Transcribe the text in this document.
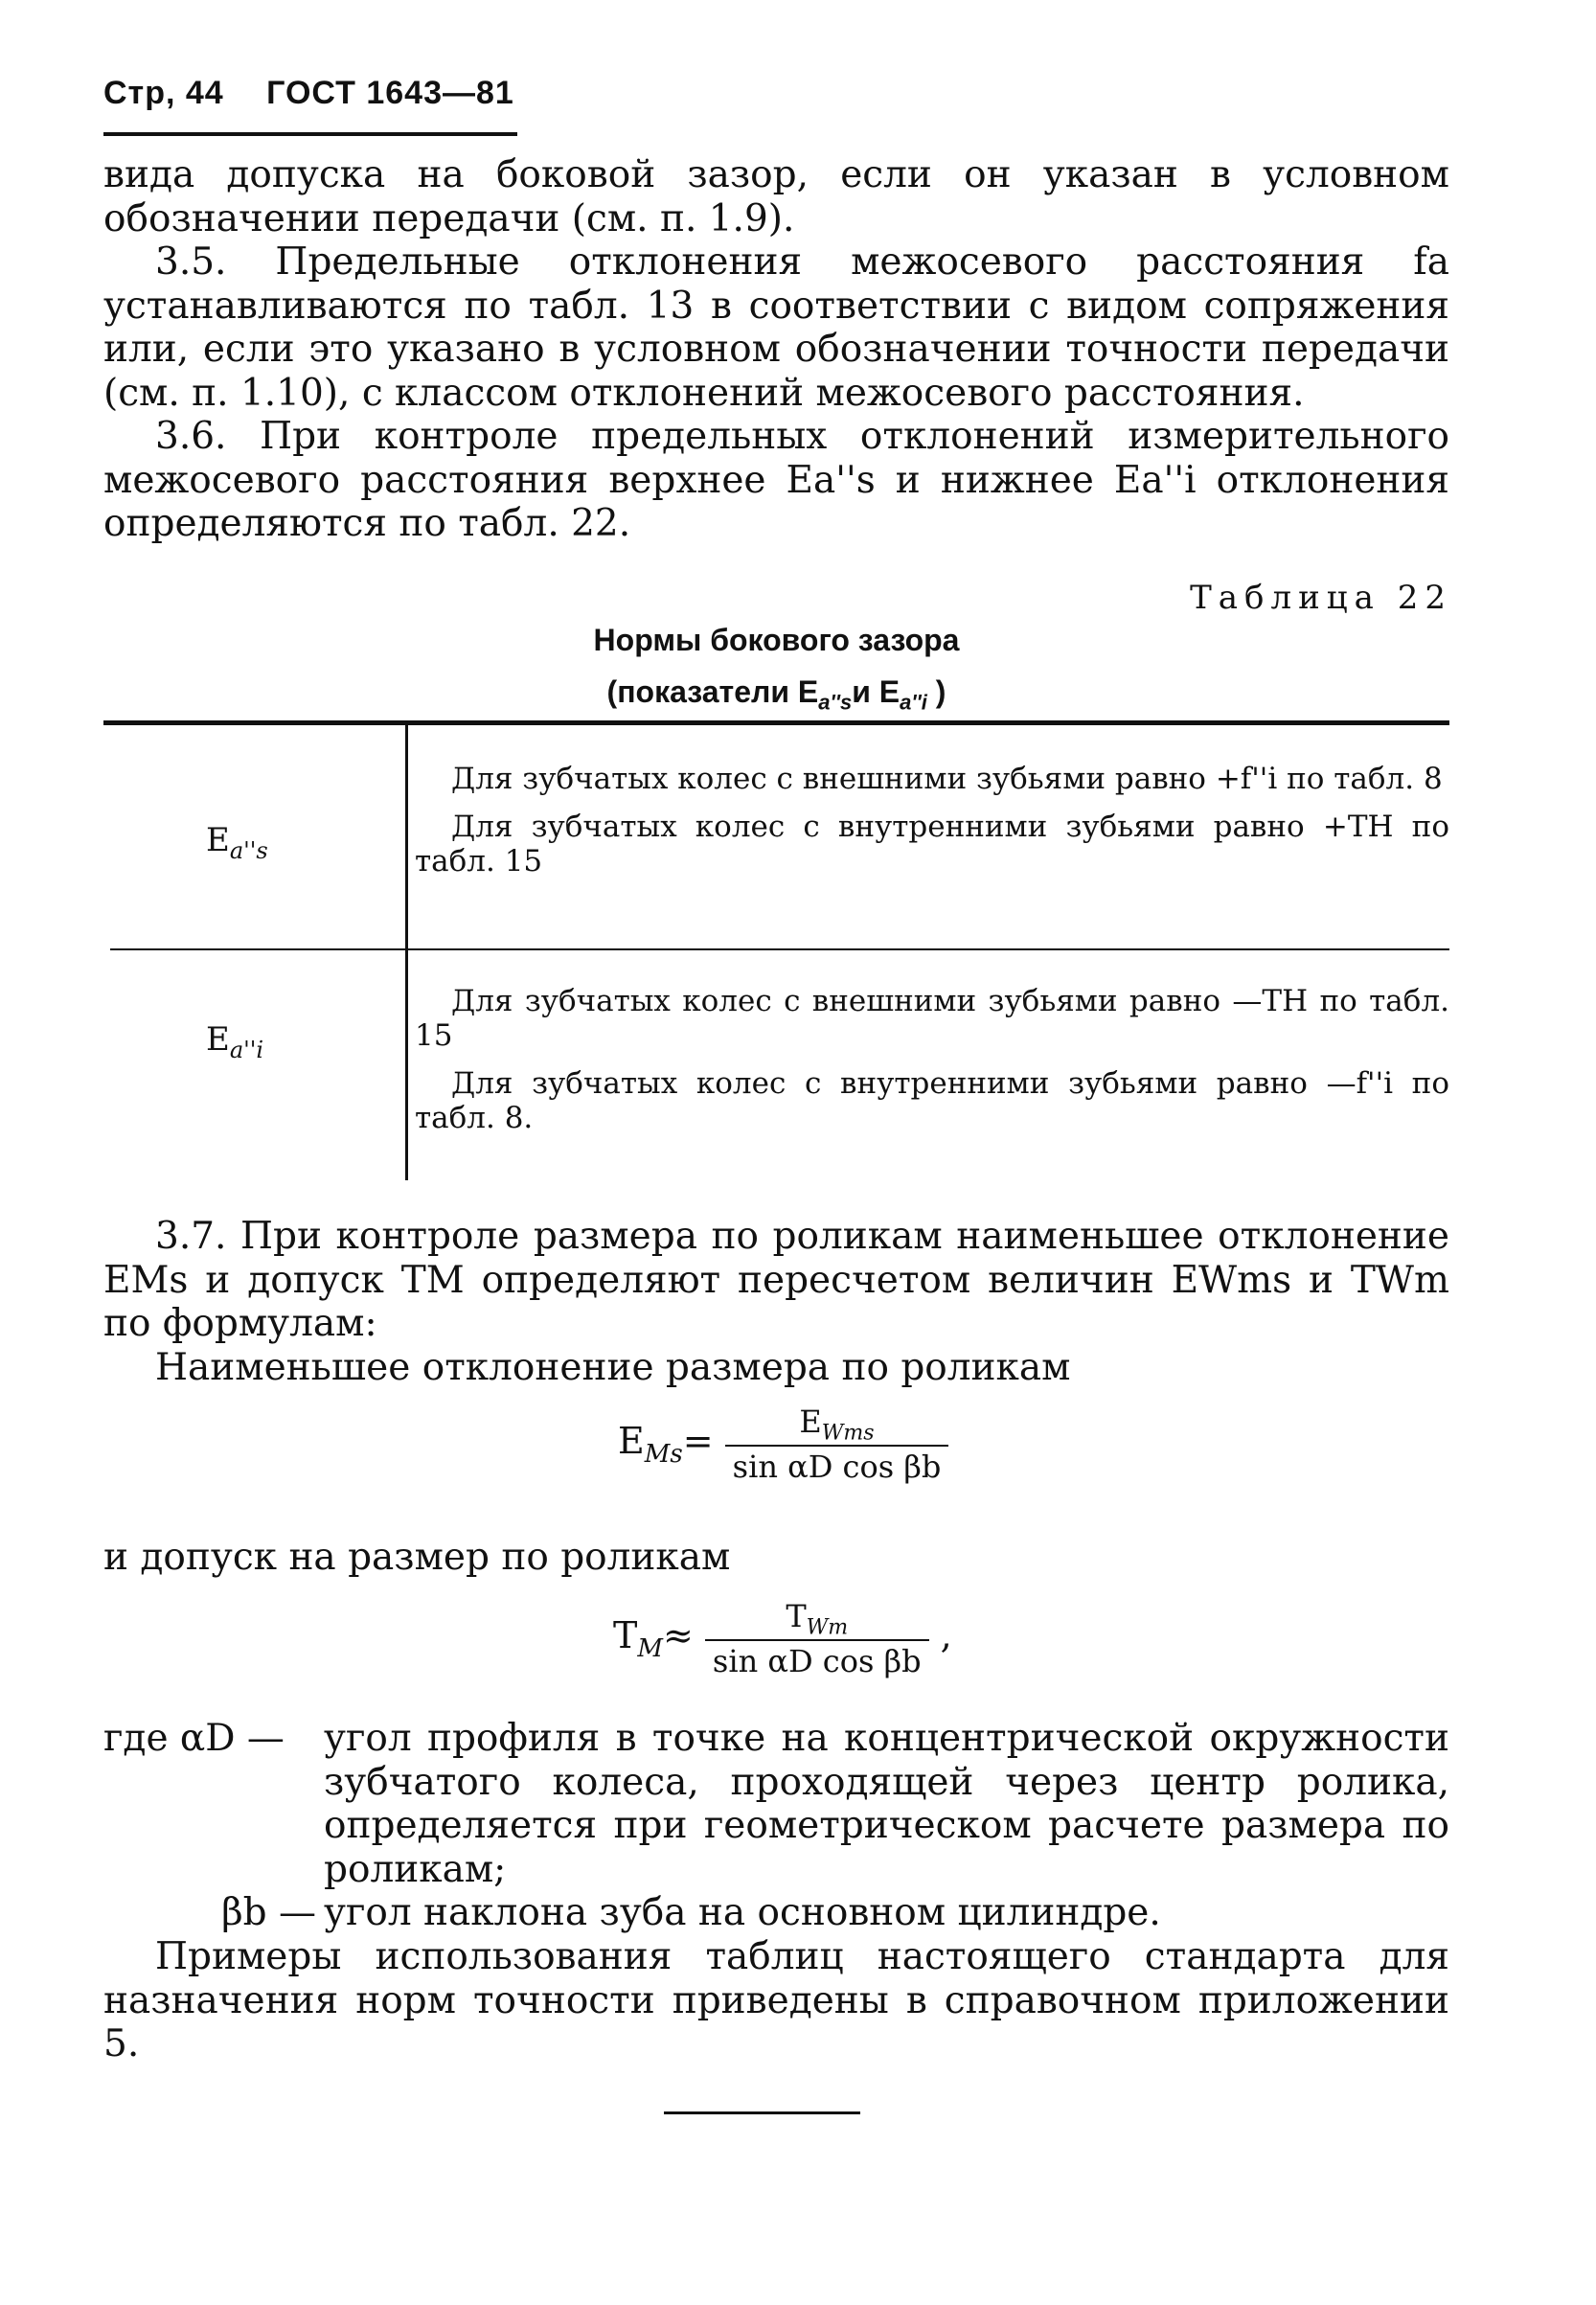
Стр, 44 ГОСТ 1643—81
вида допуска на боковой зазор, если он указан в условном обозначении передачи (см. п. 1.9).
3.5. Предельные отклонения межосевого расстояния fa устанавливаются по табл. 13 в соответствии с видом сопряжения или, если это указано в условном обозначении точности передачи (см. п. 1.10), с классом отклонений межосевого расстояния.
3.6. При контроле предельных отклонений измерительного межосевого расстояния верхнее Ea''s и нижнее Ea''i отклонения определяются по табл. 22.
Таблица 22
Нормы бокового зазора
(показатели $E_{a''s}и$ $E_{a''i}$ )
$E_{a''s}$
Для зубчатых колес с внешними зубьями равно +f''i по табл. 8
Для зубчатых колес с внутренними зубьями равно +TH по табл. 15
$E_{a''i}$
Для зубчатых колес с внешними зубьями равно —TH по табл. 15
Для зубчатых колес с внутренними зубьями равно —f''i по табл. 8.
3.7. При контроле размера по роликам наименьшее отклонение EMs и допуск TM определяют пересчетом величин EWms и TWm по формулам:
Наименьшее отклонение размера по роликам
$E_{Ms}= \frac{E_{Wms}}{\text{sin αD cos βb}}$
и допуск на размер по роликам
$T_M\approx \frac{T_{Wm}}{\text{sin αD cos βb}}$ ,
где αD —	угол профиля в точке на концентрической окружности зубчатого колеса, проходящей через центр ролика, определяется при геометрическом расчете размера по роликам;
βb — угол наклона зуба на основном цилиндре.
Примеры использования таблиц настоящего стандарта для назначения норм точности приведены в справочном приложении 5.
